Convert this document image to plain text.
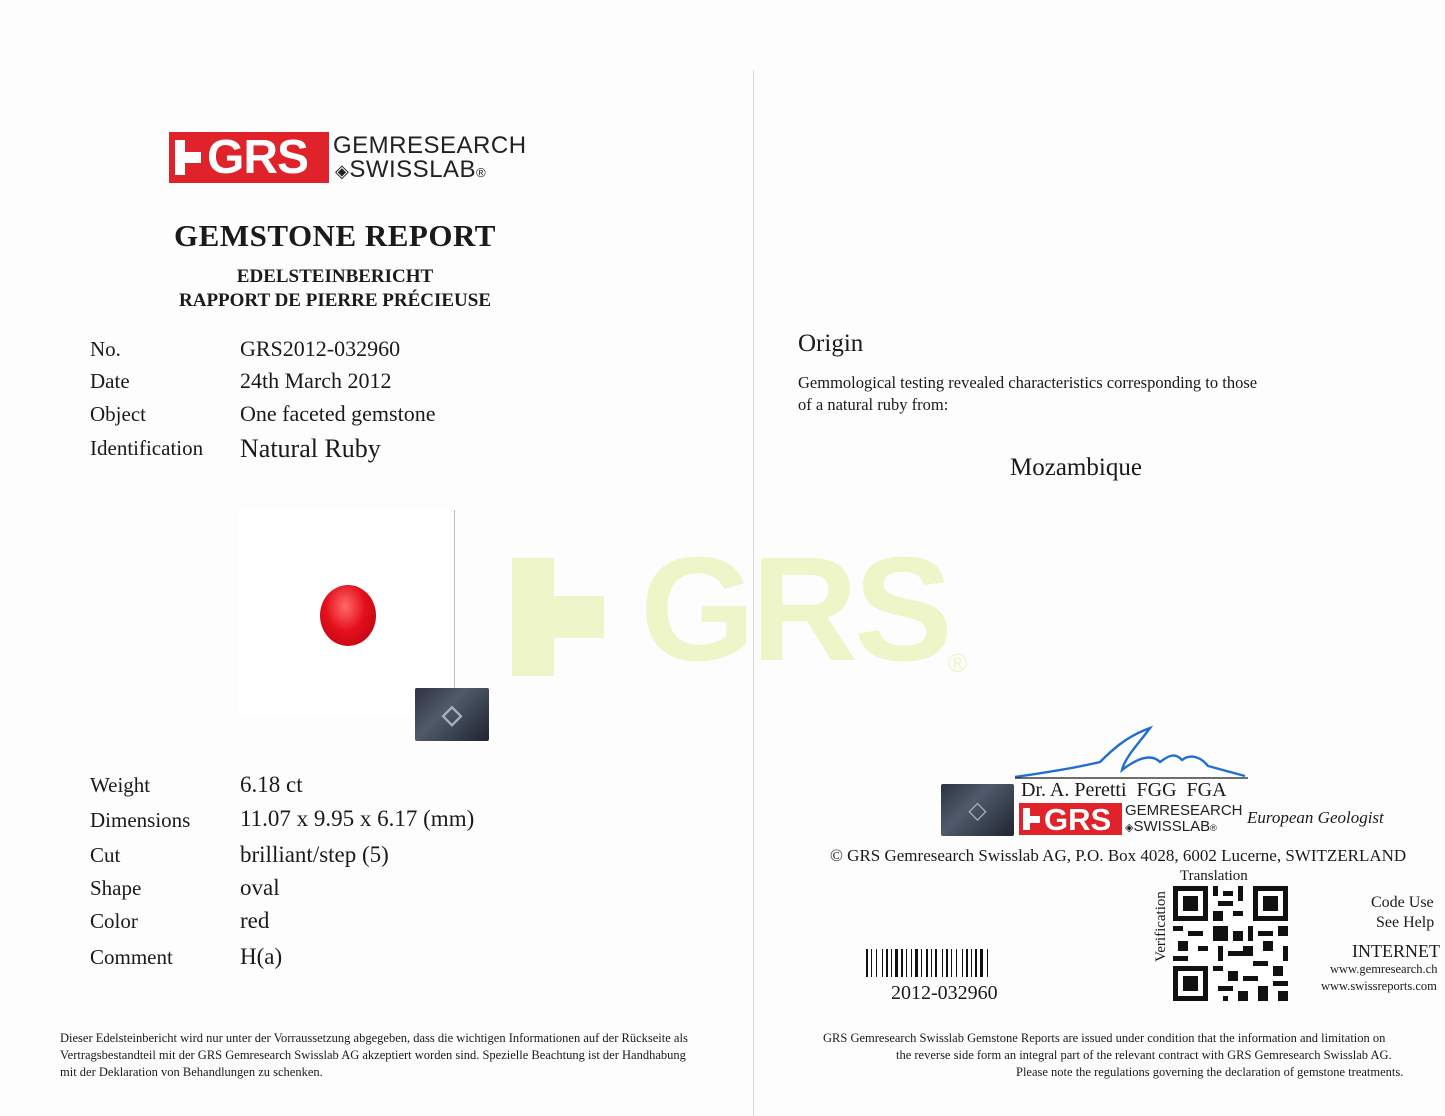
GRS ®
GRS GEMRESEARCH
◈SWISSLAB®
GEMSTONE REPORT
EDELSTEINBERICHT
RAPPORT DE PIERRE PRÉCIEUSE
No.	GRS2012-032960
Date	24th March 2012
Object	One faceted gemstone
Identification Natural Ruby
◇
Weight	6.18 ct
Dimensions 11.07 x 9.95 x 6.17 (mm)
Cut	brilliant/step (5)
Shape	oval
Color	red
Comment	H(a)
Dieser Edelsteinbericht wird nur unter der Vorraussetzung abgegeben, dass die wichtigen Informationen auf der Rückseite als Vertragsbestandteil mit der GRS Gemresearch Swisslab AG akzeptiert worden sind. Spezielle Beachtung ist der Handhabung mit der Deklaration von Behandlungen zu schenken.
Origin
Gemmological testing revealed characteristics corresponding to those
of a natural ruby from:
Mozambique
Dr. A. Peretti  FGG  FGA
◇ GRS GEMRESEARCH
◈SWISSLAB®
European Geologist
© GRS Gemresearch Swisslab AG, P.O. Box 4028, 6002 Lucerne, SWITZERLAND
Translation
Verification	Code Use
See Help
INTERNET
www.gemresearch.ch
www.swissreports.com
2012-032960
GRS Gemresearch Swisslab Gemstone Reports are issued under condition that the information and limitation on
the reverse side form an integral part of the relevant contract with GRS Gemresearch Swisslab AG.
Please note the regulations governing the declaration of gemstone treatments.
